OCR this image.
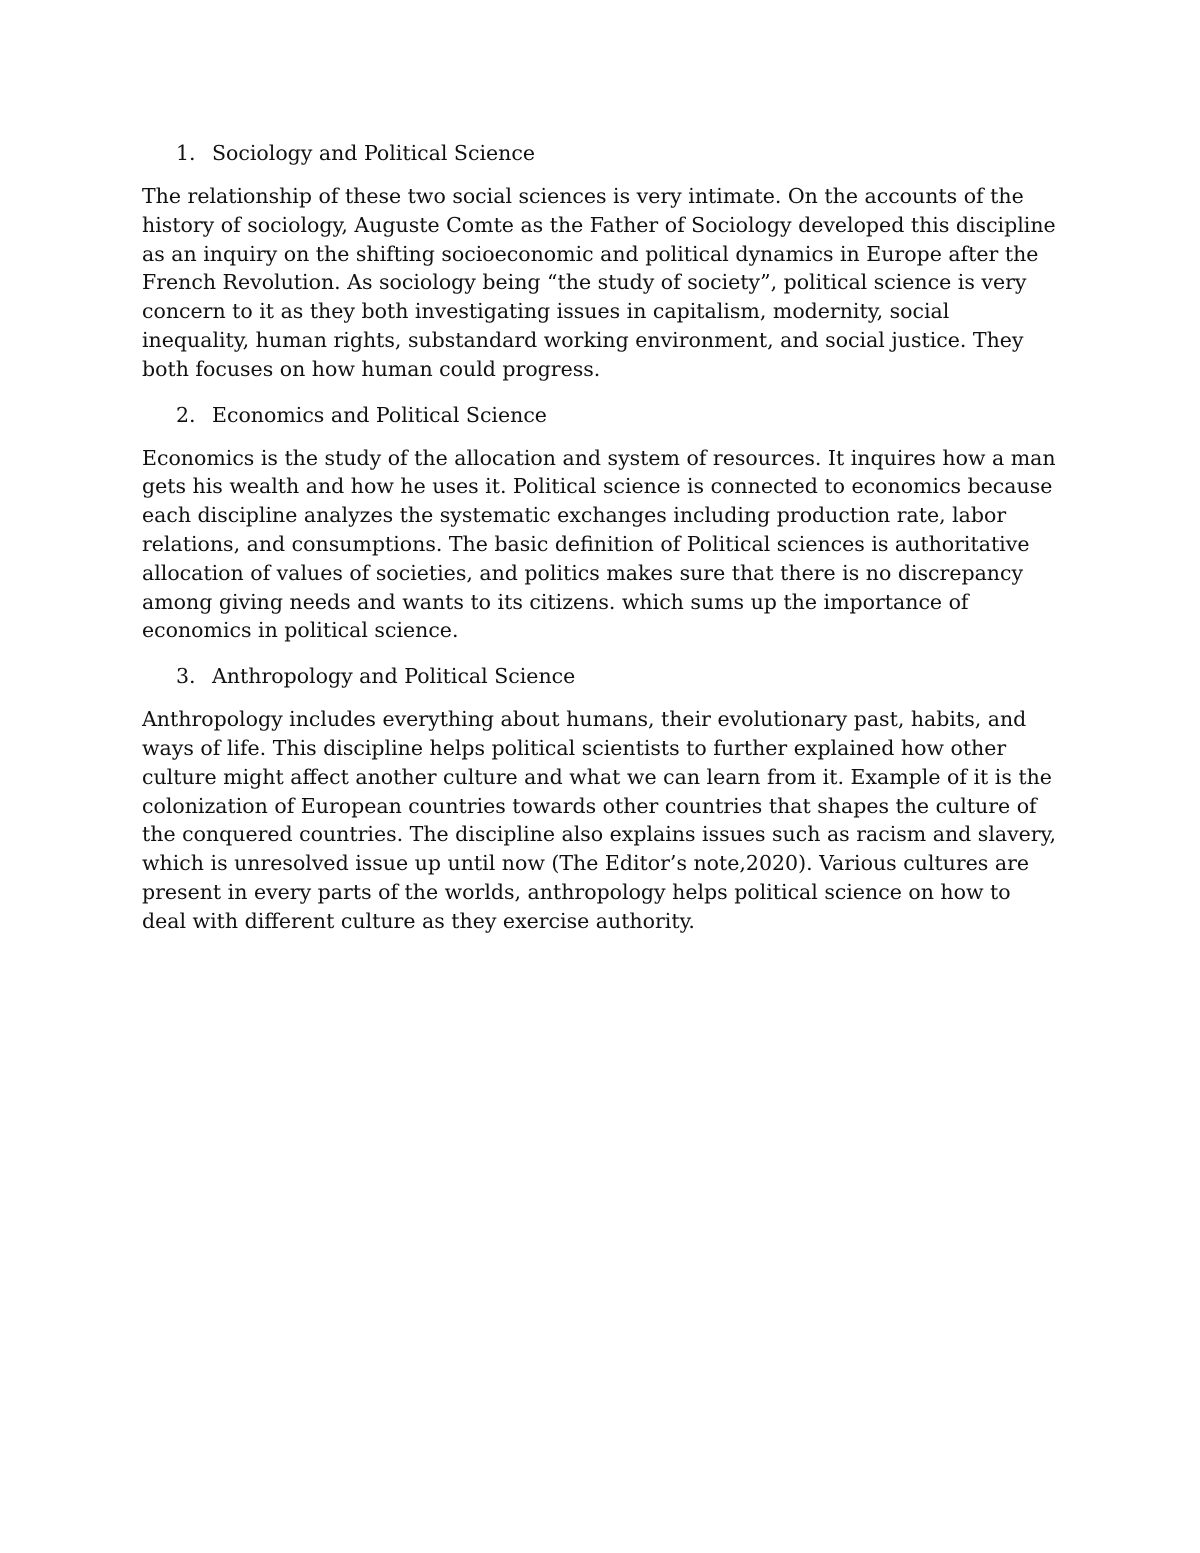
1. Sociology and Political Science

The relationship of these two social sciences is very intimate. On the accounts of the history of sociology, Auguste Comte as the Father of Sociology developed this discipline as an inquiry on the shifting socioeconomic and political dynamics in Europe after the French Revolution. As sociology being “the study of society”, political science is very concern to it as they both investigating issues in capitalism, modernity, social inequality, human rights, substandard working environment, and social justice. They both focuses on how human could progress.

2. Economics and Political Science

Economics is the study of the allocation and system of resources. It inquires how a man gets his wealth and how he uses it. Political science is connected to economics because each discipline analyzes the systematic exchanges including production rate, labor relations, and consumptions. The basic definition of Political sciences is authoritative allocation of values of societies, and politics makes sure that there is no discrepancy among giving needs and wants to its citizens. which sums up the importance of economics in political science.

3. Anthropology and Political Science

Anthropology includes everything about humans, their evolutionary past, habits, and ways of life. This discipline helps political scientists to further explained how other culture might affect another culture and what we can learn from it. Example of it is the colonization of European countries towards other countries that shapes the culture of the conquered countries. The discipline also explains issues such as racism and slavery, which is unresolved issue up until now (The Editor’s note,2020). Various cultures are present in every parts of the worlds, anthropology helps political science on how to deal with different culture as they exercise authority.
